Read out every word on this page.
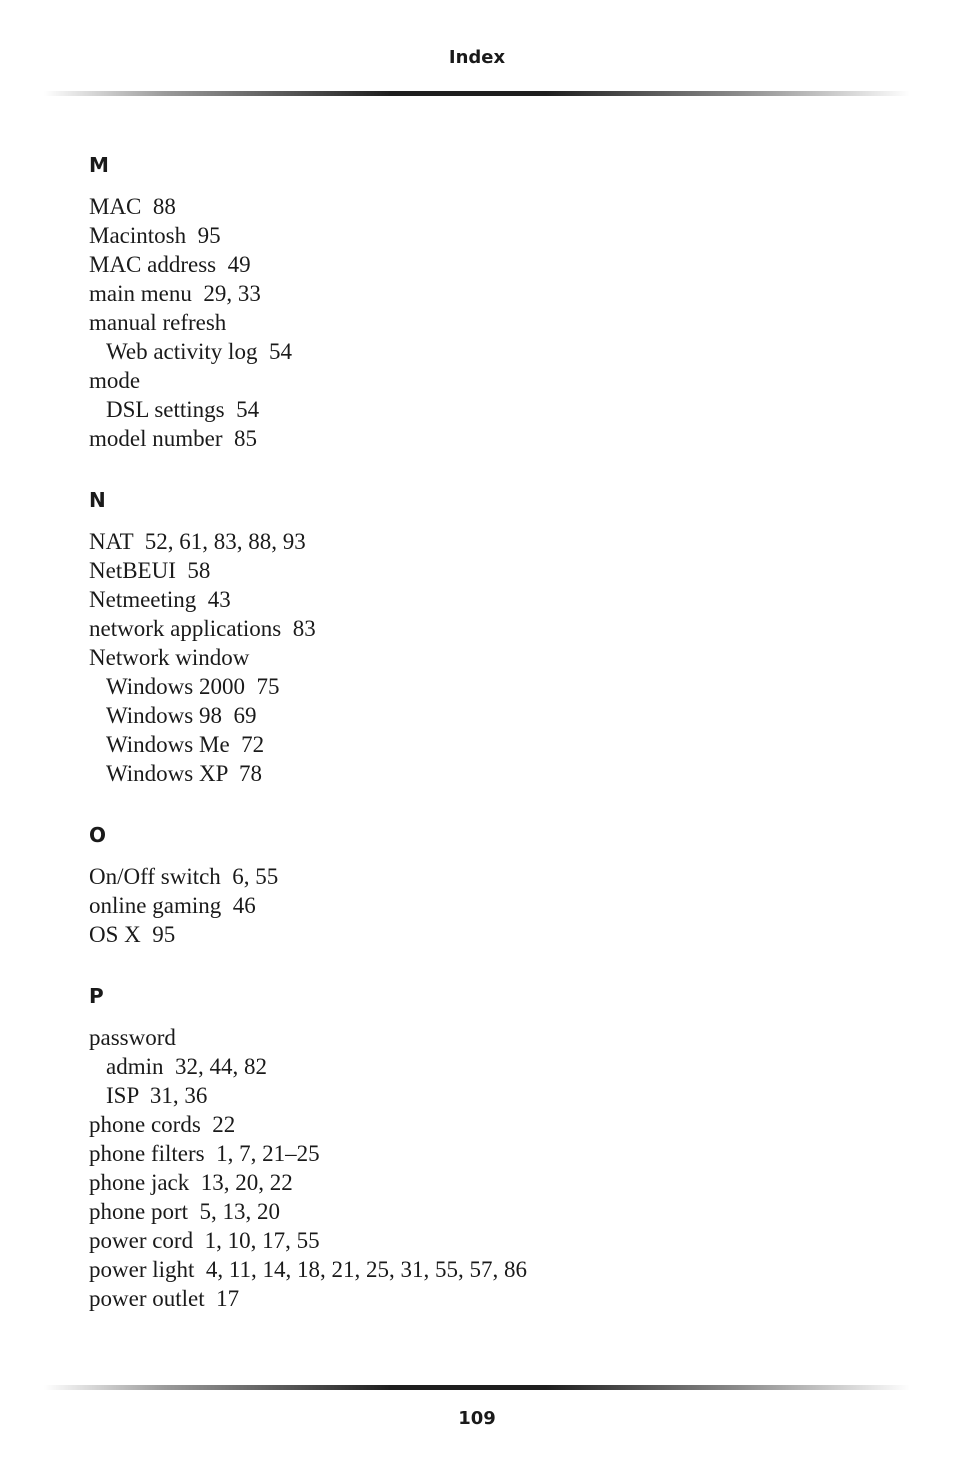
Index
M
MAC  88
Macintosh  95
MAC address  49
main menu  29, 33
manual refresh
Web activity log  54
mode
DSL settings  54
model number  85
N
NAT  52, 61, 83, 88, 93
NetBEUI  58
Netmeeting  43
network applications  83
Network window
Windows 2000  75
Windows 98  69
Windows Me  72
Windows XP  78
O
On/Off switch  6, 55
online gaming  46
OS X  95
P
password
admin  32, 44, 82
ISP  31, 36
phone cords  22
phone filters  1, 7, 21–25
phone jack  13, 20, 22
phone port  5, 13, 20
power cord  1, 10, 17, 55
power light  4, 11, 14, 18, 21, 25, 31, 55, 57, 86
power outlet  17
109
